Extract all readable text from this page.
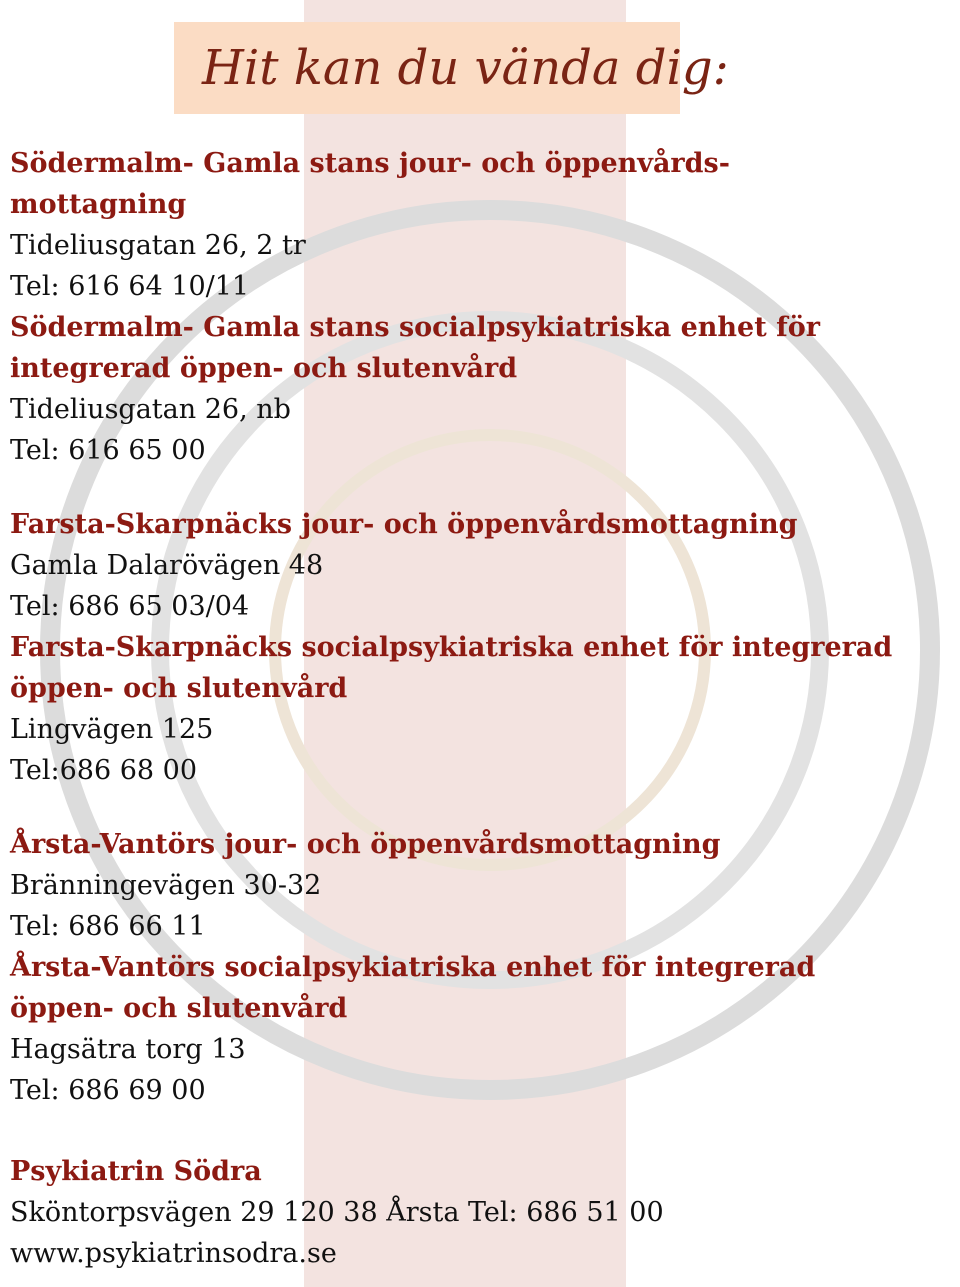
Hit kan du vända dig:

Södermalm- Gamla stans jour- och öppenvårds-

mottagning

Tideliusgatan 26, 2 tr

Tel: 616 64 10/11

Södermalm- Gamla stans socialpsykiatriska enhet för

integrerad öppen- och slutenvård

Tideliusgatan 26, nb

Tel: 616 65 00

Farsta-Skarpnäcks jour- och öppenvårdsmottagning

Gamla Dalarövägen 48

Tel: 686 65 03/04

Farsta-Skarpnäcks socialpsykiatriska enhet för integrerad

öppen- och slutenvård

Lingvägen 125

Tel:686 68 00

Årsta-Vantörs jour- och öppenvårdsmottagning

Bränningevägen 30-32

Tel: 686 66 11

Årsta-Vantörs socialpsykiatriska enhet för integrerad

öppen- och slutenvård

Hagsätra torg 13

Tel: 686 69 00

Psykiatrin Södra

Sköntorpsvägen 29 120 38 Årsta Tel: 686 51 00

www.psykiatrinsodra.se
